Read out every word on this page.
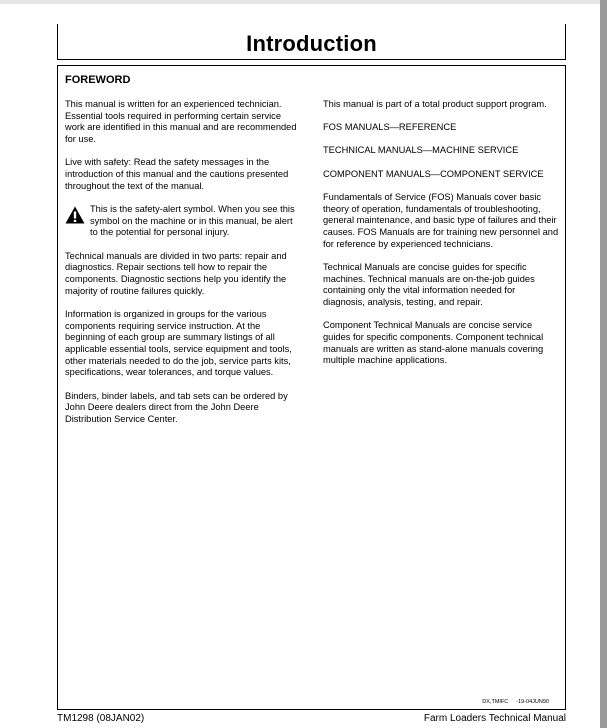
Introduction
FOREWORD

This manual is written for an experienced technician. Essential tools required in performing certain service work are identified in this manual and are recommended for use.

Live with safety: Read the safety messages in the introduction of this manual and the cautions presented throughout the text of the manual.

This is the safety-alert symbol. When you see this symbol on the machine or in this manual, be alert to the potential for personal injury.

Technical manuals are divided in two parts: repair and diagnostics. Repair sections tell how to repair the components. Diagnostic sections help you identify the majority of routine failures quickly.

Information is organized in groups for the various components requiring service instruction. At the beginning of each group are summary listings of all applicable essential tools, service equipment and tools, other materials needed to do the job, service parts kits, specifications, wear tolerances, and torque values.

Binders, binder labels, and tab sets can be ordered by John Deere dealers direct from the John Deere Distribution Service Center.

This manual is part of a total product support program.

FOS MANUALS—REFERENCE

TECHNICAL MANUALS—MACHINE SERVICE

COMPONENT MANUALS—COMPONENT SERVICE

Fundamentals of Service (FOS) Manuals cover basic theory of operation, fundamentals of troubleshooting, general maintenance, and basic type of failures and their causes. FOS Manuals are for training new personnel and for reference by experienced technicians.

Technical Manuals are concise guides for specific machines. Technical manuals are on-the-job guides containing only the vital information needed for diagnosis, analysis, testing, and repair.

Component Technical Manuals are concise service guides for specific components. Component technical manuals are written as stand-alone manuals covering multiple machine applications.

DX,TMIFC -19-04JUN90
TM1298 (08JAN02)	Farm Loaders Technical Manual
